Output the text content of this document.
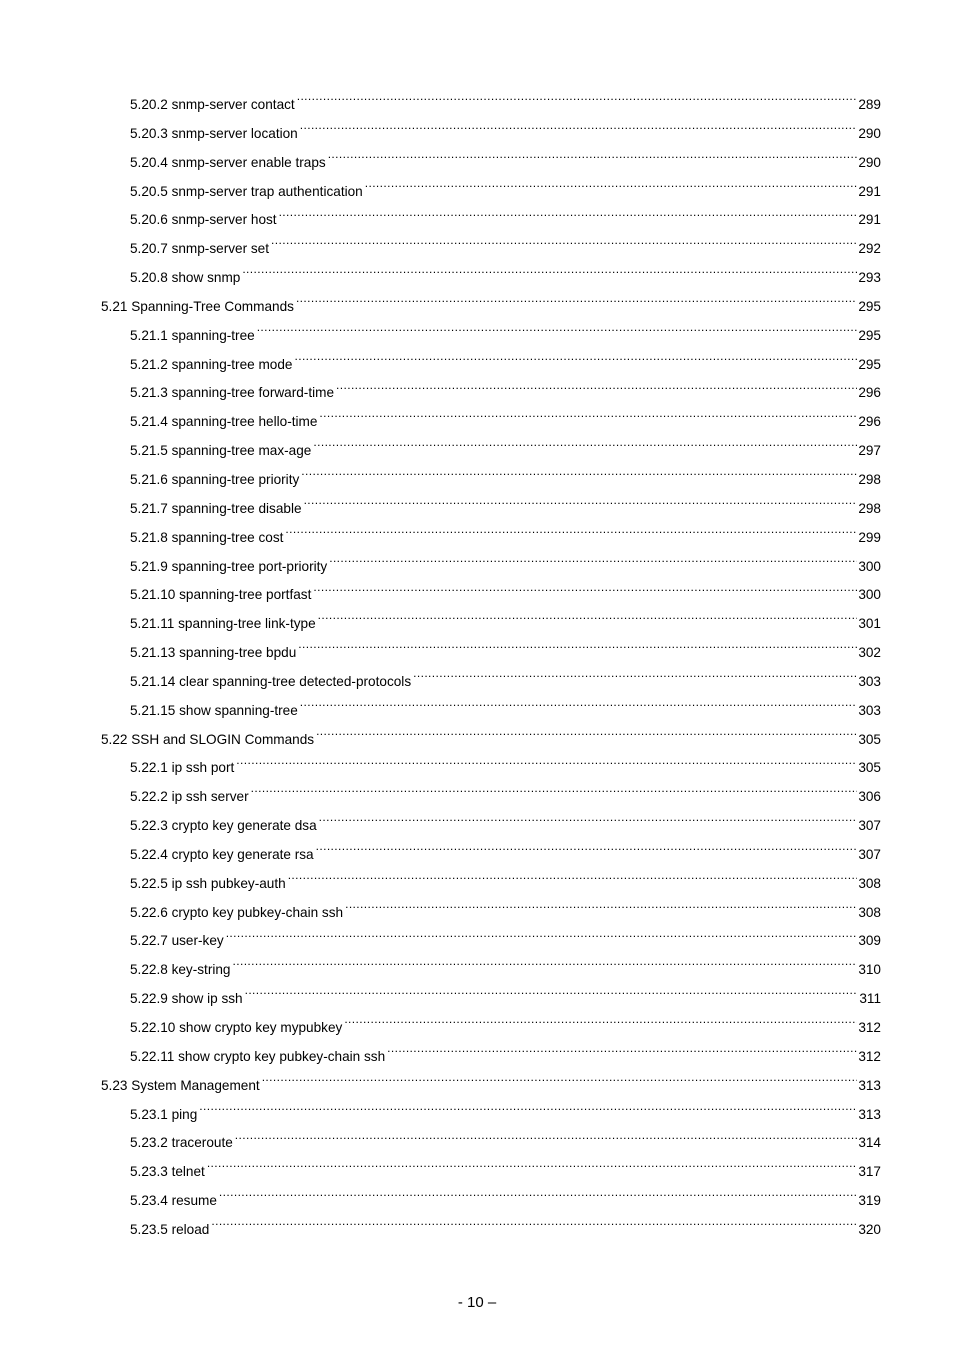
5.20.2 snmp-server contact .....	289
5.20.3 snmp-server location .....	290
5.20.4 snmp-server enable traps .....	290
5.20.5 snmp-server trap authentication .....	291
5.20.6 snmp-server host .....	291
5.20.7 snmp-server set .....	292
5.20.8 show snmp .....	293
5.21 Spanning-Tree Commands .....	295
5.21.1 spanning-tree .....	295
5.21.2 spanning-tree mode .....	295
5.21.3 spanning-tree forward-time .....	296
5.21.4 spanning-tree hello-time .....	296
5.21.5 spanning-tree max-age .....	297
5.21.6 spanning-tree priority .....	298
5.21.7 spanning-tree disable .....	298
5.21.8 spanning-tree cost .....	299
5.21.9 spanning-tree port-priority .....	300
5.21.10 spanning-tree portfast .....	300
5.21.11 spanning-tree link-type .....	301
5.21.13 spanning-tree bpdu .....	302
5.21.14 clear spanning-tree detected-protocols .....	303
5.21.15 show spanning-tree .....	303
5.22 SSH and SLOGIN Commands .....	305
5.22.1 ip ssh port .....	305
5.22.2 ip ssh server .....	306
5.22.3 crypto key generate dsa .....	307
5.22.4 crypto key generate rsa .....	307
5.22.5 ip ssh pubkey-auth .....	308
5.22.6 crypto key pubkey-chain ssh .....	308
5.22.7 user-key .....	309
5.22.8 key-string .....	310
5.22.9 show ip ssh .....	311
5.22.10 show crypto key mypubkey .....	312
5.22.11 show crypto key pubkey-chain ssh .....	312
5.23 System Management .....	313
5.23.1 ping .....	313
5.23.2 traceroute .....	314
5.23.3 telnet .....	317
5.23.4 resume .....	319
5.23.5 reload .....	320
- 10 –
